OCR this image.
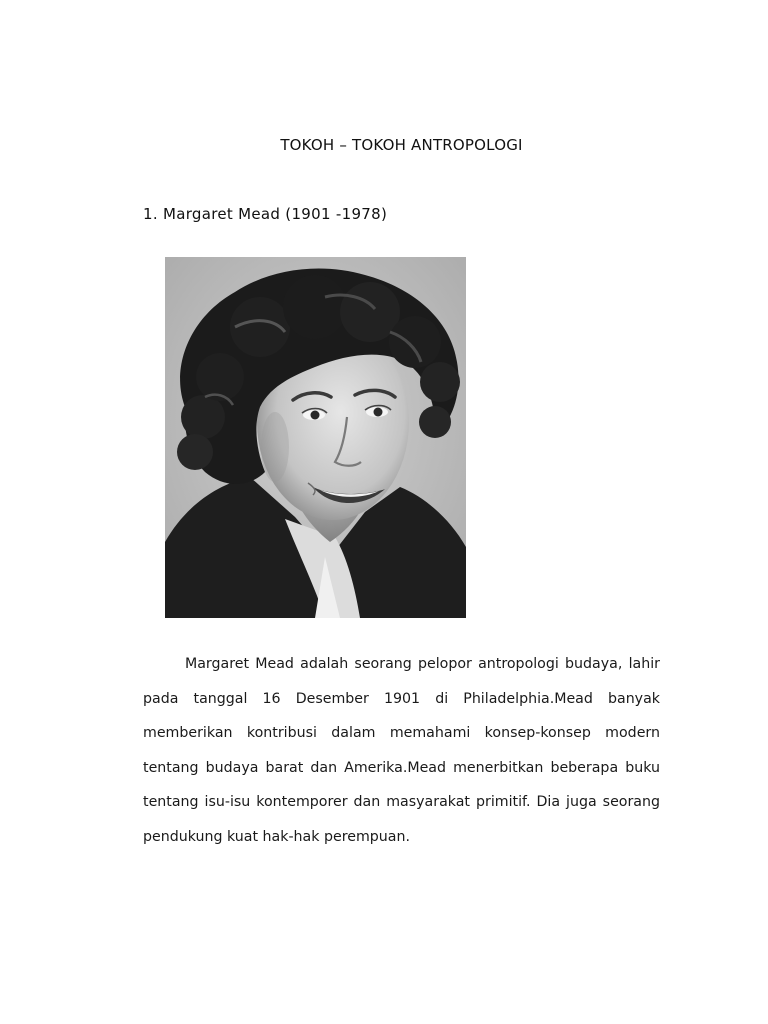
TOKOH – TOKOH ANTROPOLOGI
1. Margaret Mead (1901 -1978)

Margaret Mead adalah seorang pelopor antropologi budaya, lahir pada tanggal 16 Desember 1901 di Philadelphia.Mead banyak memberikan kontribusi dalam memahami konsep-konsep modern tentang budaya barat dan Amerika.Mead menerbitkan beberapa buku tentang isu-isu kontemporer dan masyarakat primitif. Dia juga seorang pendukung kuat hak-hak perempuan.
